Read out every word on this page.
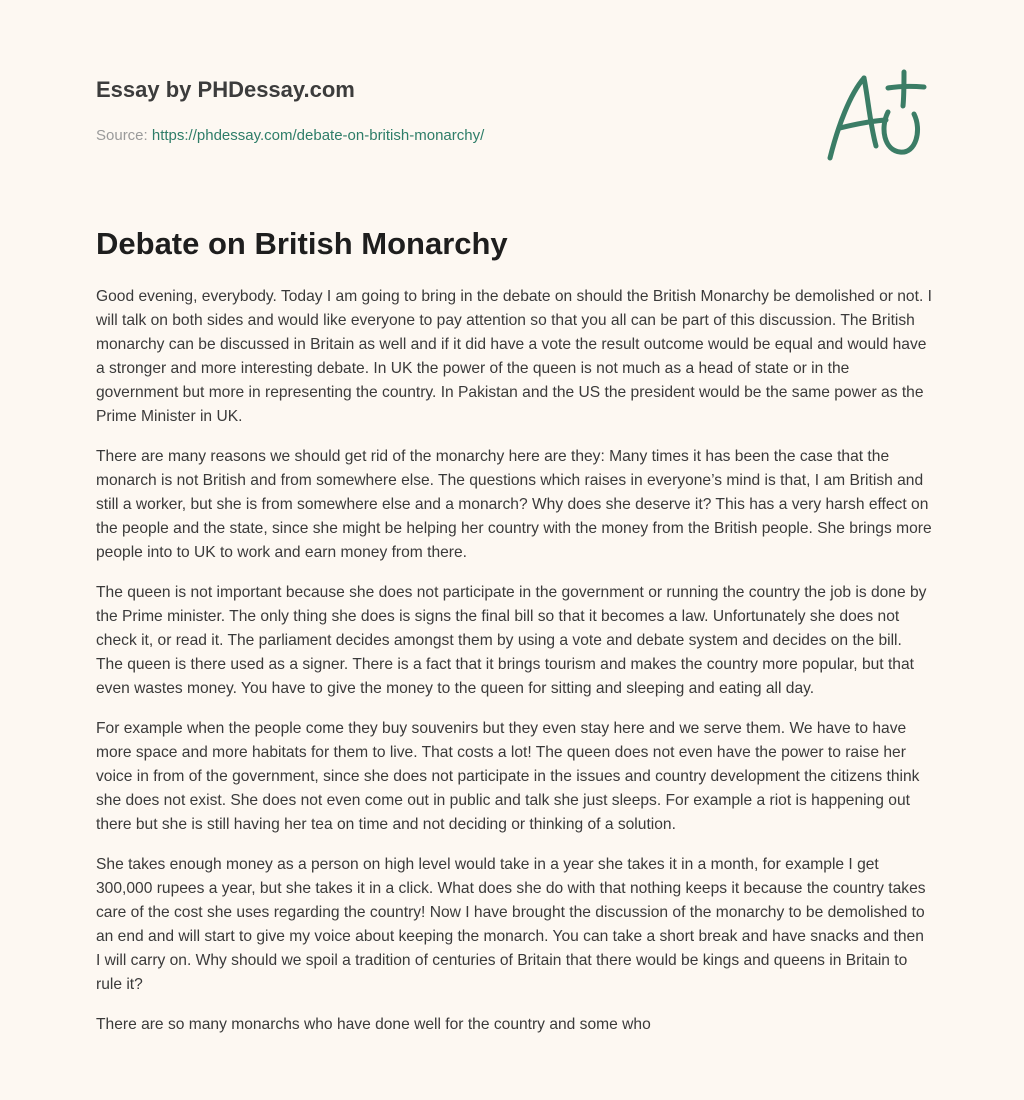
Essay by PHDessay.com
Source: https://phdessay.com/debate-on-british-monarchy/
Debate on British Monarchy

Good evening, everybody. Today I am going to bring in the debate on should the British Monarchy be demolished or not. I will talk on both sides and would like everyone to pay attention so that you all can be part of this discussion. The British monarchy can be discussed in Britain as well and if it did have a vote the result outcome would be equal and would have a stronger and more interesting debate. In UK the power of the queen is not much as a head of state or in the government but more in representing the country. In Pakistan and the US the president would be the same power as the Prime Minister in UK.

There are many reasons we should get rid of the monarchy here are they: Many times it has been the case that the monarch is not British and from somewhere else. The questions which raises in everyone’s mind is that, I am British and still a worker, but she is from somewhere else and a monarch? Why does she deserve it? This has a very harsh effect on the people and the state, since she might be helping her country with the money from the British people. She brings more people into to UK to work and earn money from there.

The queen is not important because she does not participate in the government or running the country the job is done by the Prime minister. The only thing she does is signs the final bill so that it becomes a law. Unfortunately she does not check it, or read it. The parliament decides amongst them by using a vote and debate system and decides on the bill. The queen is there used as a signer. There is a fact that it brings tourism and makes the country more popular, but that even wastes money. You have to give the money to the queen for sitting and sleeping and eating all day.

For example when the people come they buy souvenirs but they even stay here and we serve them. We have to have more space and more habitats for them to live. That costs a lot! The queen does not even have the power to raise her voice in from of the government, since she does not participate in the issues and country development the citizens think she does not exist. She does not even come out in public and talk she just sleeps. For example a riot is happening out there but she is still having her tea on time and not deciding or thinking of a solution.

She takes enough money as a person on high level would take in a year she takes it in a month, for example I get 300,000 rupees a year, but she takes it in a click. What does she do with that nothing keeps it because the country takes care of the cost she uses regarding the country! Now I have brought the discussion of the monarchy to be demolished to an end and will start to give my voice about keeping the monarch. You can take a short break and have snacks and then I will carry on. Why should we spoil a tradition of centuries of Britain that there would be kings and queens in Britain to rule it?

There are so many monarchs who have done well for the country and some who
